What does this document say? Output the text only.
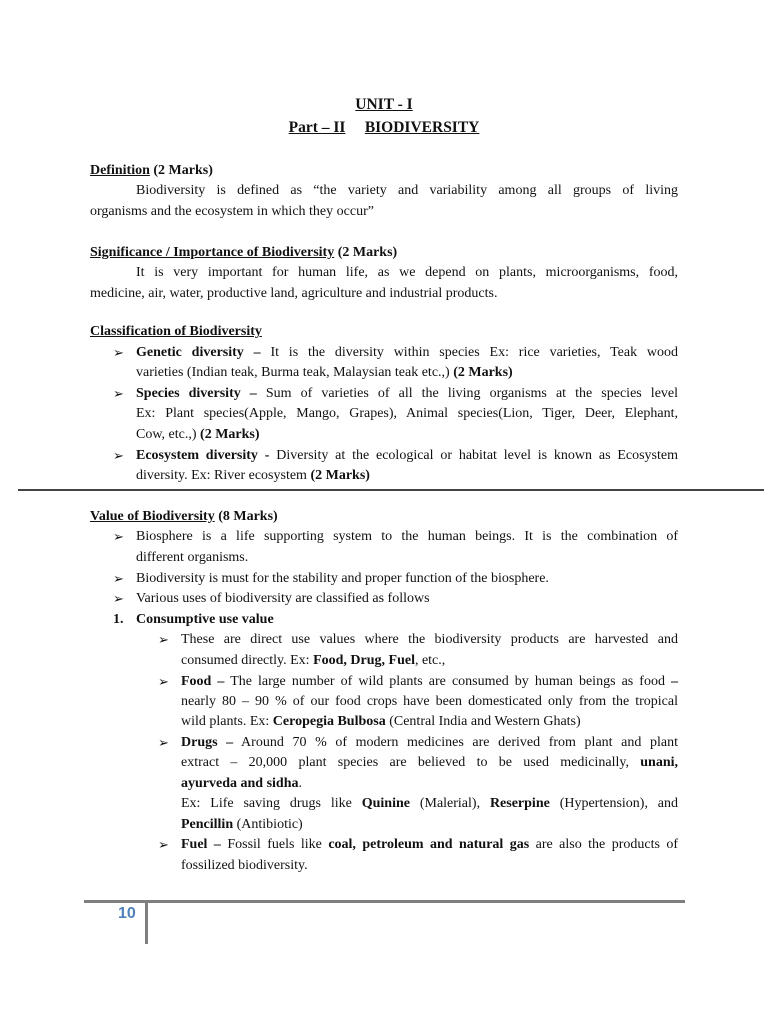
UNIT - I
Part – II BIODIVERSITY
Definition (2 Marks)
Biodiversity is defined as “the variety and variability among all groups of living
organisms and the ecosystem in which they occur”
Significance / Importance of Biodiversity (2 Marks)
It is very important for human life, as we depend on plants, microorganisms, food,
medicine, air, water, productive land, agriculture and industrial products.
Classification of Biodiversity
➢ Genetic diversity – It is the diversity within species Ex: rice varieties, Teak wood
varieties (Indian teak, Burma teak, Malaysian teak etc.,) (2 Marks)
➢ Species diversity – Sum of varieties of all the living organisms at the species level
Ex: Plant species(Apple, Mango, Grapes), Animal species(Lion, Tiger, Deer, Elephant,
Cow, etc.,) (2 Marks)
➢ Ecosystem diversity - Diversity at the ecological or habitat level is known as Ecosystem
diversity. Ex: River ecosystem (2 Marks)
Value of Biodiversity (8 Marks)
➢ Biosphere is a life supporting system to the human beings. It is the combination of
different organisms.
➢ Biodiversity is must for the stability and proper function of the biosphere.
➢ Various uses of biodiversity are classified as follows
1. Consumptive use value
➢ These are direct use values where the biodiversity products are harvested and
consumed directly. Ex: Food, Drug, Fuel, etc.,
➢ Food – The large number of wild plants are consumed by human beings as food –
nearly 80 – 90 % of our food crops have been domesticated only from the tropical
wild plants. Ex: Ceropegia Bulbosa (Central India and Western Ghats)
➢ Drugs – Around 70 % of modern medicines are derived from plant and plant
extract – 20,000 plant species are believed to be used medicinally, unani,
ayurveda and sidha.
Ex: Life saving drugs like Quinine (Malerial), Reserpine (Hypertension), and
Pencillin (Antibiotic)
➢ Fuel – Fossil fuels like coal, petroleum and natural gas are also the products of
fossilized biodiversity.
10
